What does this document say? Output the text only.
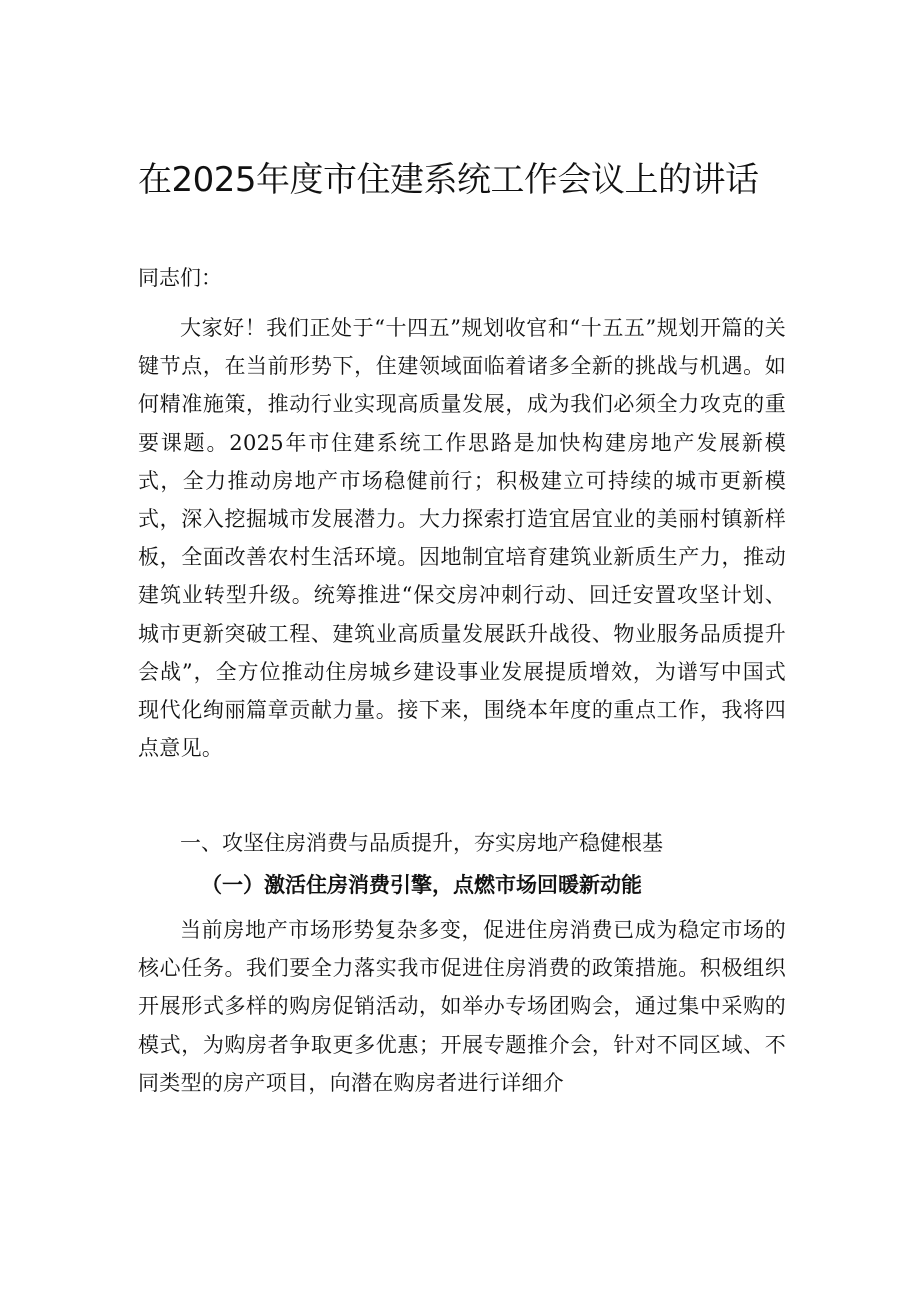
在2025年度市住建系统工作会议上的讲话

同志们：

大家好！我们正处于“十四五”规划收官和“十五五”规划开篇的关键节点，在当前形势下，住建领域面临着诸多全新的挑战与机遇。如何精准施策，推动行业实现高质量发展，成为我们必须全力攻克的重要课题。2025年市住建系统工作思路是加快构建房地产发展新模式，全力推动房地产市场稳健前行；积极建立可持续的城市更新模式，深入挖掘城市发展潜力。大力探索打造宜居宜业的美丽村镇新样板，全面改善农村生活环境。因地制宜培育建筑业新质生产力，推动建筑业转型升级。统筹推进“保交房冲刺行动、回迁安置攻坚计划、城市更新突破工程、建筑业高质量发展跃升战役、物业服务品质提升会战”，全方位推动住房城乡建设事业发展提质增效，为谱写中国式现代化绚丽篇章贡献力量。接下来，围绕本年度的重点工作，我将四点意见。

一、攻坚住房消费与品质提升，夯实房地产稳健根基

（一）激活住房消费引擎，点燃市场回暖新动能

当前房地产市场形势复杂多变，促进住房消费已成为稳定市场的核心任务。我们要全力落实我市促进住房消费的政策措施。积极组织开展形式多样的购房促销活动，如举办专场团购会，通过集中采购的模式，为购房者争取更多优惠；开展专题推介会，针对不同区域、不同类型的房产项目，向潜在购房者进行详细介
